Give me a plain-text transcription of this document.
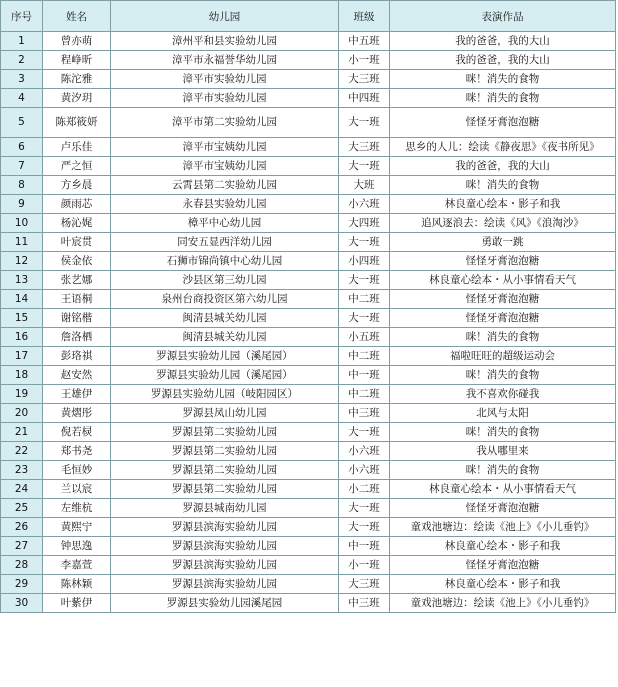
序号	姓名	幼儿园	班级	表演作品
1	曾亦萌	漳州平和县实验幼儿园	中五班	我的爸爸，我的大山
2	程峥昕	漳平市永福誉华幼儿园	小一班	我的爸爸，我的大山
3	陈沱雅	漳平市实验幼儿园	大三班	咪！消失的食物
4	黄汐玥	漳平市实验幼儿园	中四班	咪！消失的食物
5	陈郑筱妍	漳平市第二实验幼儿园	大一班	怪怪牙膏泡泡糖
6	卢乐佳	漳平市宝姨幼儿园	大三班	思乡的人儿：绘读《静夜思》《夜书所见》
7	严之恒	漳平市宝姨幼儿园	大一班	我的爸爸，我的大山
8	方乡晨	云霄县第二实验幼儿园	大班	咪！消失的食物
9	颜雨芯	永春县实验幼儿园	小六班	林良童心绘本・影子和我
10	杨沁娓	樟平中心幼儿园	大四班	追风逐浪去：绘读《风》《浪淘沙》
11	叶宸贯	同安五显西洋幼儿园	大一班	勇敢一跳
12	侯金依	石狮市锦尚镇中心幼儿园	小四班	怪怪牙膏泡泡糖
13	张艺娜	沙县区第三幼儿园	大一班	林良童心绘本・从小事情看天气
14	王语桐	泉州台商投资区第六幼儿园	中二班	怪怪牙膏泡泡糖
15	谢铭楷	闽清县城关幼儿园	大一班	怪怪牙膏泡泡糖
16	詹洛栖	闽清县城关幼儿园	小五班	咪！消失的食物
17	彭珞祺	罗源县实验幼儿园（溪尾园）	中二班	福啦旺旺的超级运动会
18	赵安然	罗源县实验幼儿园（溪尾园）	中一班	咪！消失的食物
19	王雄伊	罗源县实验幼儿园（岐阳园区）	中二班	我不喜欢你碰我
20	黄熠彤	罗源县凤山幼儿园	中三班	北风与太阳
21	倪若棂	罗源县第二实验幼儿园	大一班	咪！消失的食物
22	郑书尧	罗源县第二实验幼儿园	小六班	我从哪里来
23	毛恒妙	罗源县第二实验幼儿园	小六班	咪！消失的食物
24	兰以宸	罗源县第二实验幼儿园	小二班	林良童心绘本・从小事情看天气
25	左维杭	罗源县城南幼儿园	大一班	怪怪牙膏泡泡糖
26	黄熙宁	罗源县滨海实验幼儿园	大一班	童戏池塘边：绘读《池上》《小儿垂钓》
27	钟思逸	罗源县滨海实验幼儿园	中一班	林良童心绘本・影子和我
28	李嘉萱	罗源县滨海实验幼儿园	小一班	怪怪牙膏泡泡糖
29	陈林颖	罗源县滨海实验幼儿园	大三班	林良童心绘本・影子和我
30	叶紫伊	罗源县实验幼儿园溪尾园	中三班	童戏池塘边：绘读《池上》《小儿垂钓》
